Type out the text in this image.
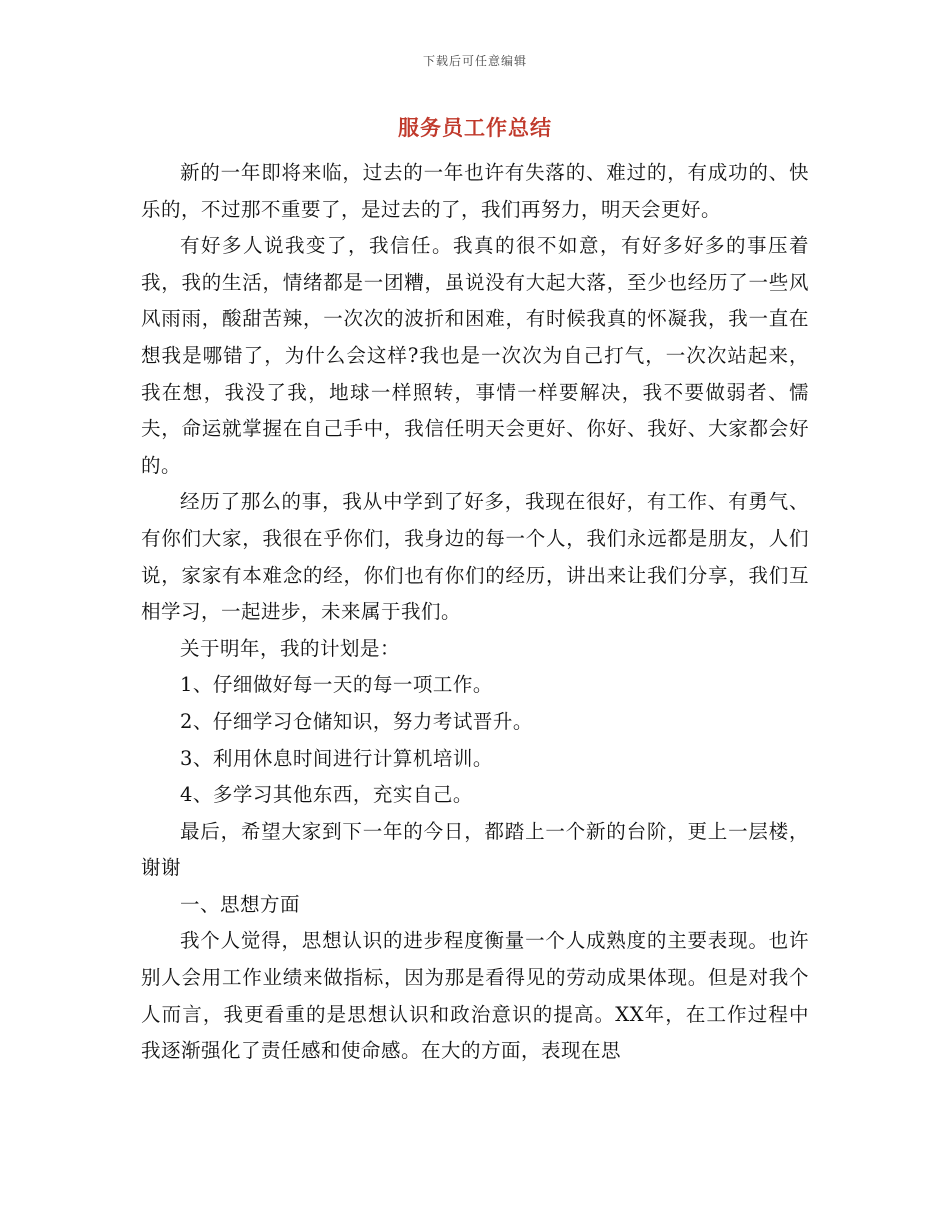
下载后可任意编辑
服务员工作总结

新的一年即将来临，过去的一年也许有失落的、难过的，有成功的、快乐的，不过那不重要了，是过去的了，我们再努力，明天会更好。

有好多人说我变了，我信任。我真的很不如意，有好多好多的事压着我，我的生活，情绪都是一团糟，虽说没有大起大落，至少也经历了一些风风雨雨，酸甜苦辣，一次次的波折和困难，有时候我真的怀凝我，我一直在想我是哪错了，为什么会这样?我也是一次次为自己打气，一次次站起来，我在想，我没了我，地球一样照转，事情一样要解决，我不要做弱者、懦夫，命运就掌握在自己手中，我信任明天会更好、你好、我好、大家都会好的。

经历了那么的事，我从中学到了好多，我现在很好，有工作、有勇气、有你们大家，我很在乎你们，我身边的每一个人，我们永远都是朋友，人们说，家家有本难念的经，你们也有你们的经历，讲出来让我们分享，我们互相学习，一起进步，未来属于我们。

关于明年，我的计划是：

1、仔细做好每一天的每一项工作。

2、仔细学习仓储知识，努力考试晋升。

3、利用休息时间进行计算机培训。

4、多学习其他东西，充实自己。

最后，希望大家到下一年的今日，都踏上一个新的台阶，更上一层楼，谢谢

一、思想方面

我个人觉得，思想认识的进步程度衡量一个人成熟度的主要表现。也许别人会用工作业绩来做指标，因为那是看得见的劳动成果体现。但是对我个人而言，我更看重的是思想认识和政治意识的提高。XX年，在工作过程中我逐渐强化了责任感和使命感。在大的方面，表现在思
